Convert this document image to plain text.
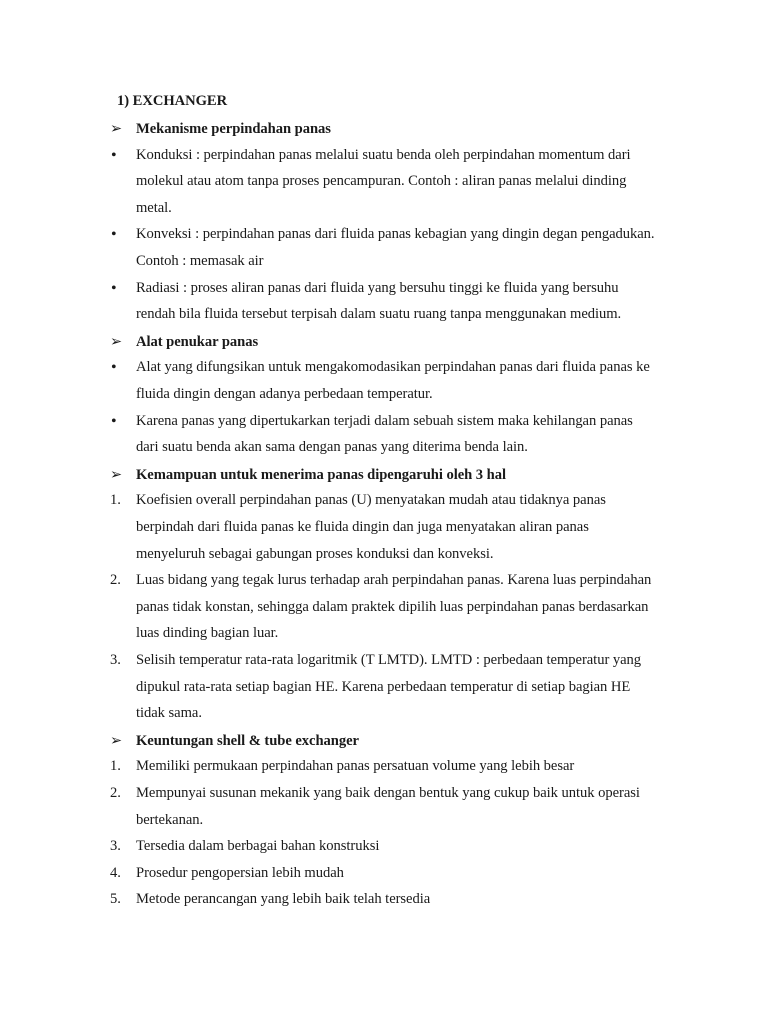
1) EXCHANGER
➢ Mekanisme perpindahan panas
•	Konduksi : perpindahan panas melalui suatu benda oleh perpindahan momentum dari
molekul atau atom tanpa proses pencampuran. Contoh : aliran panas melalui dinding
metal.
•	Konveksi : perpindahan panas dari fluida panas kebagian yang dingin degan pengadukan.
Contoh : memasak air
•	Radiasi : proses aliran panas dari fluida yang bersuhu tinggi ke fluida yang bersuhu
rendah bila fluida tersebut terpisah dalam suatu ruang tanpa menggunakan medium.
➢ Alat penukar panas
•	Alat yang difungsikan untuk mengakomodasikan perpindahan panas dari fluida panas ke
fluida dingin dengan adanya perbedaan temperatur.
•	Karena panas yang dipertukarkan terjadi dalam sebuah sistem maka kehilangan panas
dari suatu benda akan sama dengan panas yang diterima benda lain.
➢ Kemampuan untuk menerima panas dipengaruhi oleh 3 hal
1.	Koefisien overall perpindahan panas (U) menyatakan mudah atau tidaknya panas
berpindah dari fluida panas ke fluida dingin dan juga menyatakan aliran panas
menyeluruh sebagai gabungan proses konduksi dan konveksi.
2.	Luas bidang yang tegak lurus terhadap arah perpindahan panas. Karena luas perpindahan
panas tidak konstan, sehingga dalam praktek dipilih luas perpindahan panas berdasarkan
luas dinding bagian luar.
3.	Selisih temperatur rata-rata logaritmik (T LMTD). LMTD : perbedaan temperatur yang
dipukul rata-rata setiap bagian HE. Karena perbedaan temperatur di setiap bagian HE
tidak sama.
➢ Keuntungan shell & tube exchanger
1.	Memiliki permukaan perpindahan panas persatuan volume yang lebih besar
2.	Mempunyai susunan mekanik yang baik dengan bentuk yang cukup baik untuk operasi
bertekanan.
3.	Tersedia dalam berbagai bahan konstruksi
4.	Prosedur pengopersian lebih mudah
5.	Metode perancangan yang lebih baik telah tersedia
